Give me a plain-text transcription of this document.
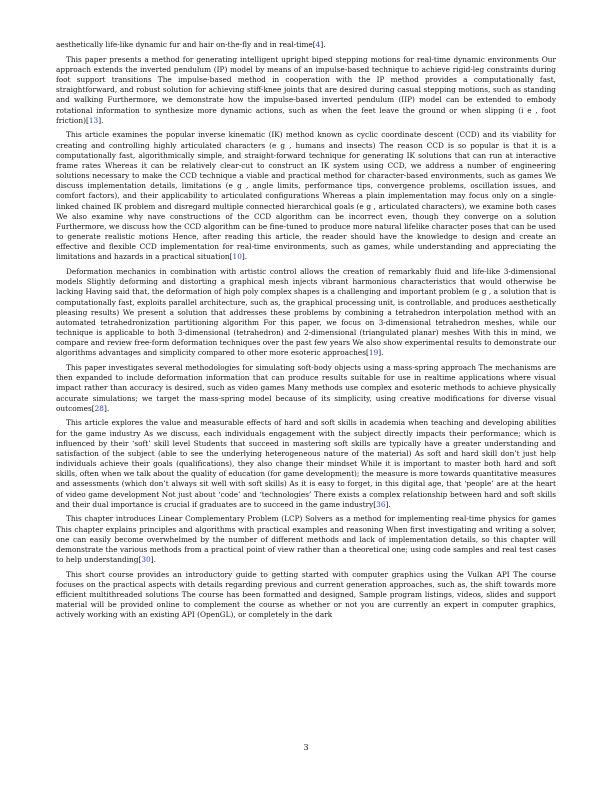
aesthetically life-like dynamic fur and hair on-the-fly and in real-time[4].

This paper presents a method for generating intelligent upright biped stepping motions for real-time dynamic environments Our approach extends the inverted pendulum (IP) model by means of an impulse-based technique to achieve rigid-leg constraints during foot support transitions The impulse-based method in cooperation with the IP method provides a computationally fast, straightforward, and robust solution for achieving stiff-knee joints that are desired during casual stepping motions, such as standing and walking Furthermore, we demonstrate how the impulse-based inverted pendulum (IIP) model can be extended to embody rotational information to synthesize more dynamic actions, such as when the feet leave the ground or when slipping (i e , foot friction)[13].

This article examines the popular inverse kinematic (IK) method known as cyclic coordinate descent (CCD) and its viability for creating and controlling highly articulated characters (e g , humans and insects) The reason CCD is so popular is that it is a computationally fast, algorithmically simple, and straight-forward technique for generating IK solutions that can run at interactive frame rates Whereas it can be relatively clear-cut to construct an IK system using CCD, we address a number of engineering solutions necessary to make the CCD technique a viable and practical method for character-based environments, such as games We discuss implementation details, limitations (e g , angle limits, performance tips, convergence problems, oscillation issues, and comfort factors), and their applicability to articulated configurations Whereas a plain implementation may focus only on a single-linked chained IK problem and disregard multiple connected hierarchical goals (e g , articulated characters), we examine both cases We also examine why nave constructions of the CCD algorithm can be incorrect even, though they converge on a solution Furthermore, we discuss how the CCD algorithm can be fine-tuned to produce more natural lifelike character poses that can be used to generate realistic motions Hence, after reading this article, the reader should have the knowledge to design and create an effective and flexible CCD implementation for real-time environments, such as games, while understanding and appreciating the limitations and hazards in a practical situation[10].

Deformation mechanics in combination with artistic control allows the creation of remarkably fluid and life-like 3-dimensional models Slightly deforming and distorting a graphical mesh injects vibrant harmonious characteristics that would otherwise be lacking Having said that, the deformation of high poly complex shapes is a challenging and important problem (e g , a solution that is computationally fast, exploits parallel architecture, such as, the graphical processing unit, is controllable, and produces aesthetically pleasing results) We present a solution that addresses these problems by combining a tetrahedron interpolation method with an automated tetrahedronization partitioning algorithm For this paper, we focus on 3-dimensional tetrahedron meshes, while our technique is applicable to both 3-dimensional (tetrahedron) and 2-dimensional (triangulated planar) meshes With this in mind, we compare and review free-form deformation techniques over the past few years We also show experimental results to demonstrate our algorithms advantages and simplicity compared to other more esoteric approaches[19].

This paper investigates several methodologies for simulating soft-body objects using a mass-spring approach The mechanisms are then expanded to include deformation information that can produce results suitable for use in realtime applications where visual impact rather than accuracy is desired, such as video games Many methods use complex and esoteric methods to achieve physically accurate simulations; we target the mass-spring model because of its simplicity, using creative modifications for diverse visual outcomes[28].

This article explores the value and measurable effects of hard and soft skills in academia when teaching and developing abilities for the game industry As we discuss, each individuals engagement with the subject directly impacts their performance; which is influenced by their ‘soft’ skill level Students that succeed in mastering soft skills are typically have a greater understanding and satisfaction of the subject (able to see the underlying heterogeneous nature of the material) As soft and hard skill don’t just help individuals achieve their goals (qualifications), they also change their mindset While it is important to master both hard and soft skills, often when we talk about the quality of education (for game development); the measure is more towards quantitative measures and assessments (which don’t always sit well with soft skills) As it is easy to forget, in this digital age, that ‘people’ are at the heart of video game development Not just about ‘code’ and ‘technologies’ There exists a complex relationship between hard and soft skills and their dual importance is crucial if graduates are to succeed in the game industry[36].

This chapter introduces Linear Complementary Problem (LCP) Solvers as a method for implementing real-time physics for games This chapter explains principles and algorithms with practical examples and reasoning When first investigating and writing a solver, one can easily become overwhelmed by the number of different methods and lack of implementation details, so this chapter will demonstrate the various methods from a practical point of view rather than a theoretical one; using code samples and real test cases to help understanding[30].

This short course provides an introductory guide to getting started with computer graphics using the Vulkan API The course focuses on the practical aspects with details regarding previous and current generation approaches, such as, the shift towards more efficient multithreaded solutions The course has been formatted and designed, Sample program listings, videos, slides and support material will be provided online to complement the course as whether or not you are currently an expert in computer graphics, actively working with an existing API (OpenGL), or completely in the dark

3
